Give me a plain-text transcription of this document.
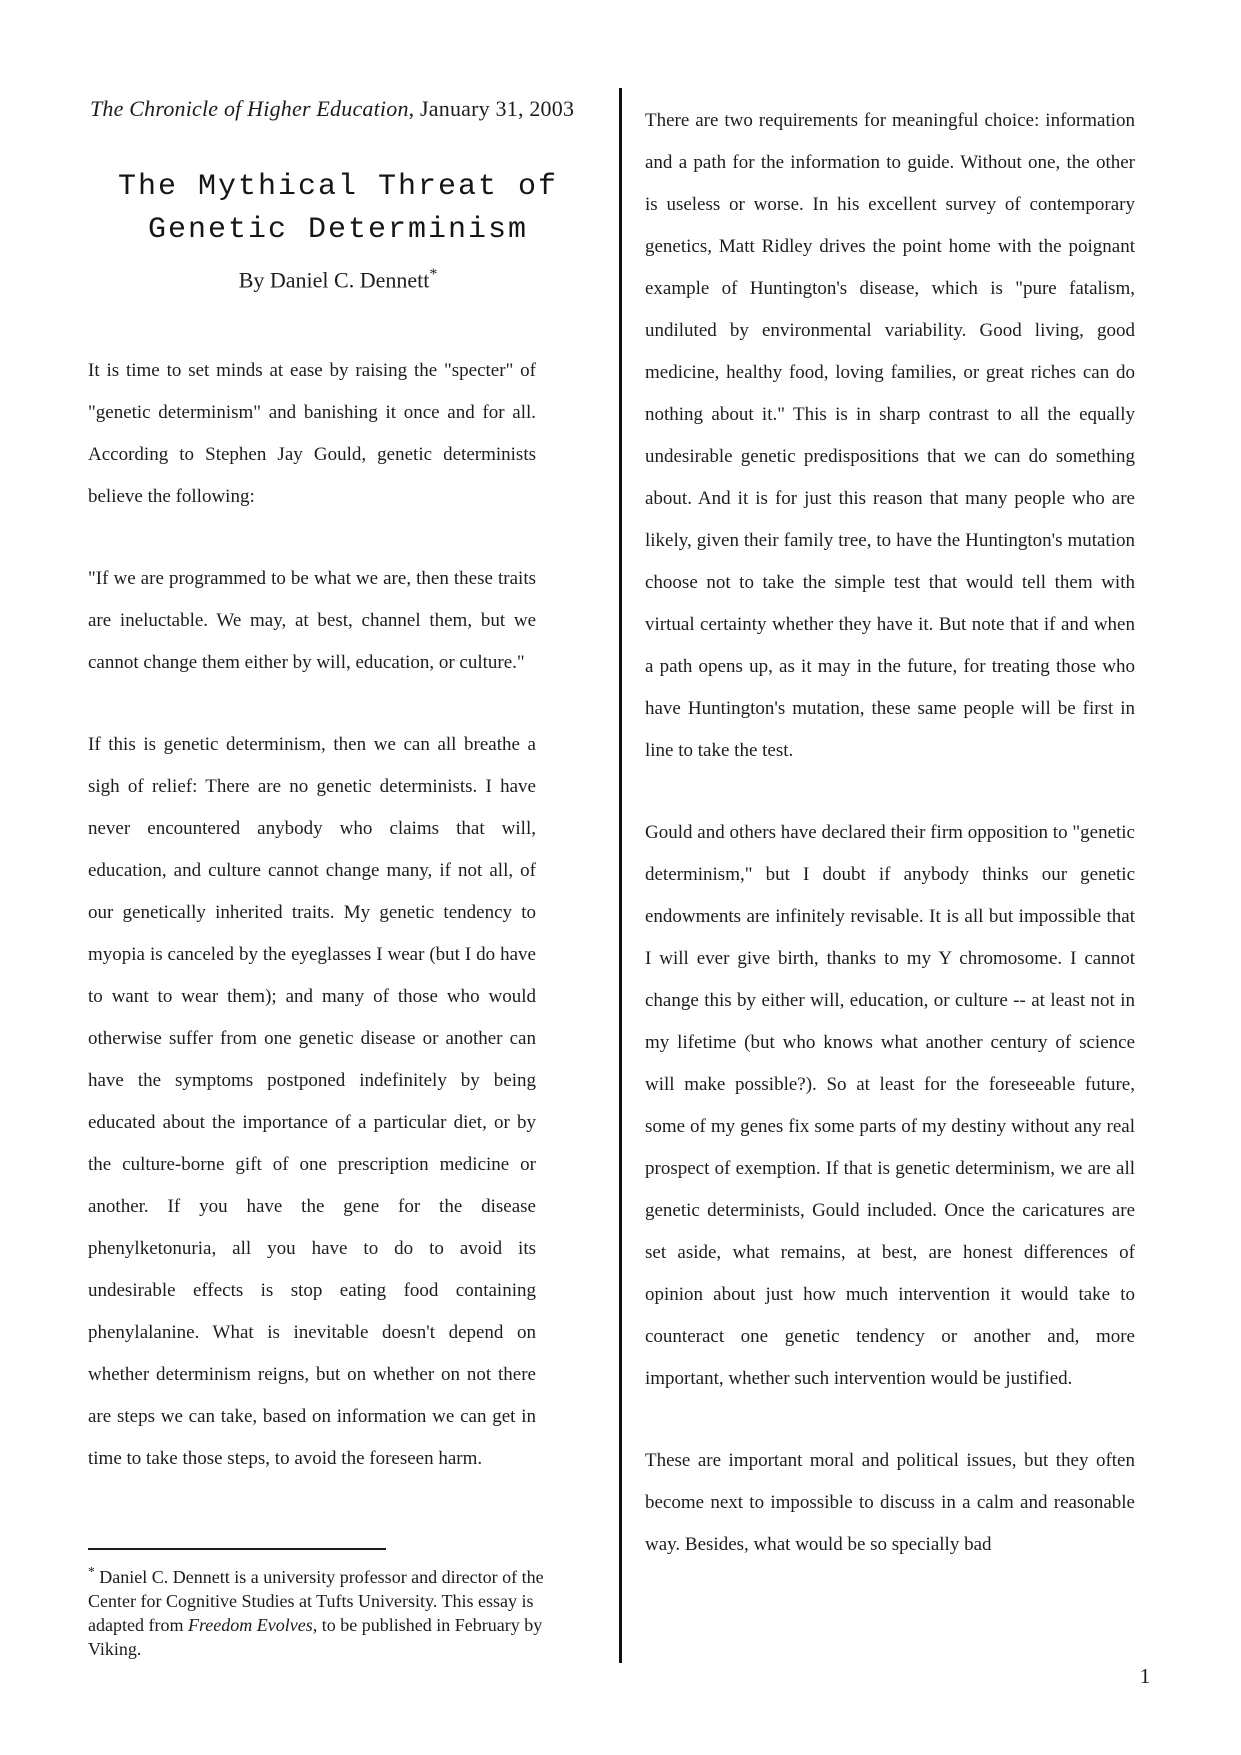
The Chronicle of Higher Education, January 31, 2003
The Mythical Threat of
Genetic Determinism
By Daniel C. Dennett*

It is time to set minds at ease by raising the "specter" of "genetic determinism" and banishing it once and for all. According to Stephen Jay Gould, genetic determinists believe the following:

"If we are programmed to be what we are, then these traits are ineluctable. We may, at best, channel them, but we cannot change them either by will, education, or culture."

If this is genetic determinism, then we can all breathe a sigh of relief: There are no genetic determinists. I have never encountered anybody who claims that will, education, and culture cannot change many, if not all, of our genetically inherited traits. My genetic tendency to myopia is canceled by the eyeglasses I wear (but I do have to want to wear them); and many of those who would otherwise suffer from one genetic disease or another can have the symptoms postponed indefinitely by being educated about the importance of a particular diet, or by the culture-borne gift of one prescription medicine or another. If you have the gene for the disease phenylketonuria, all you have to do to avoid its undesirable effects is stop eating food containing phenylalanine. What is inevitable doesn't depend on whether determinism reigns, but on whether on not there are steps we can take, based on information we can get in time to take those steps, to avoid the foreseen harm.

There are two requirements for meaningful choice: information and a path for the information to guide. Without one, the other is useless or worse. In his excellent survey of contemporary genetics, Matt Ridley drives the point home with the poignant example of Huntington's disease, which is "pure fatalism, undiluted by environmental variability. Good living, good medicine, healthy food, loving families, or great riches can do nothing about it." This is in sharp contrast to all the equally undesirable genetic predispositions that we can do something about. And it is for just this reason that many people who are likely, given their family tree, to have the Huntington's mutation choose not to take the simple test that would tell them with virtual certainty whether they have it. But note that if and when a path opens up, as it may in the future, for treating those who have Huntington's mutation, these same people will be first in line to take the test.

Gould and others have declared their firm opposition to "genetic determinism," but I doubt if anybody thinks our genetic endowments are infinitely revisable. It is all but impossible that I will ever give birth, thanks to my Y chromosome. I cannot change this by either will, education, or culture -- at least not in my lifetime (but who knows what another century of science will make possible?). So at least for the foreseeable future, some of my genes fix some parts of my destiny without any real prospect of exemption. If that is genetic determinism, we are all genetic determinists, Gould included. Once the caricatures are set aside, what remains, at best, are honest differences of opinion about just how much intervention it would take to counteract one genetic tendency or another and, more important, whether such intervention would be justified.

These are important moral and political issues, but they often become next to impossible to discuss in a calm and reasonable way. Besides, what would be so specially bad

* Daniel C. Dennett is a university professor and director of the Center for Cognitive Studies at Tufts University. This essay is adapted from Freedom Evolves, to be published in February by Viking.

1
